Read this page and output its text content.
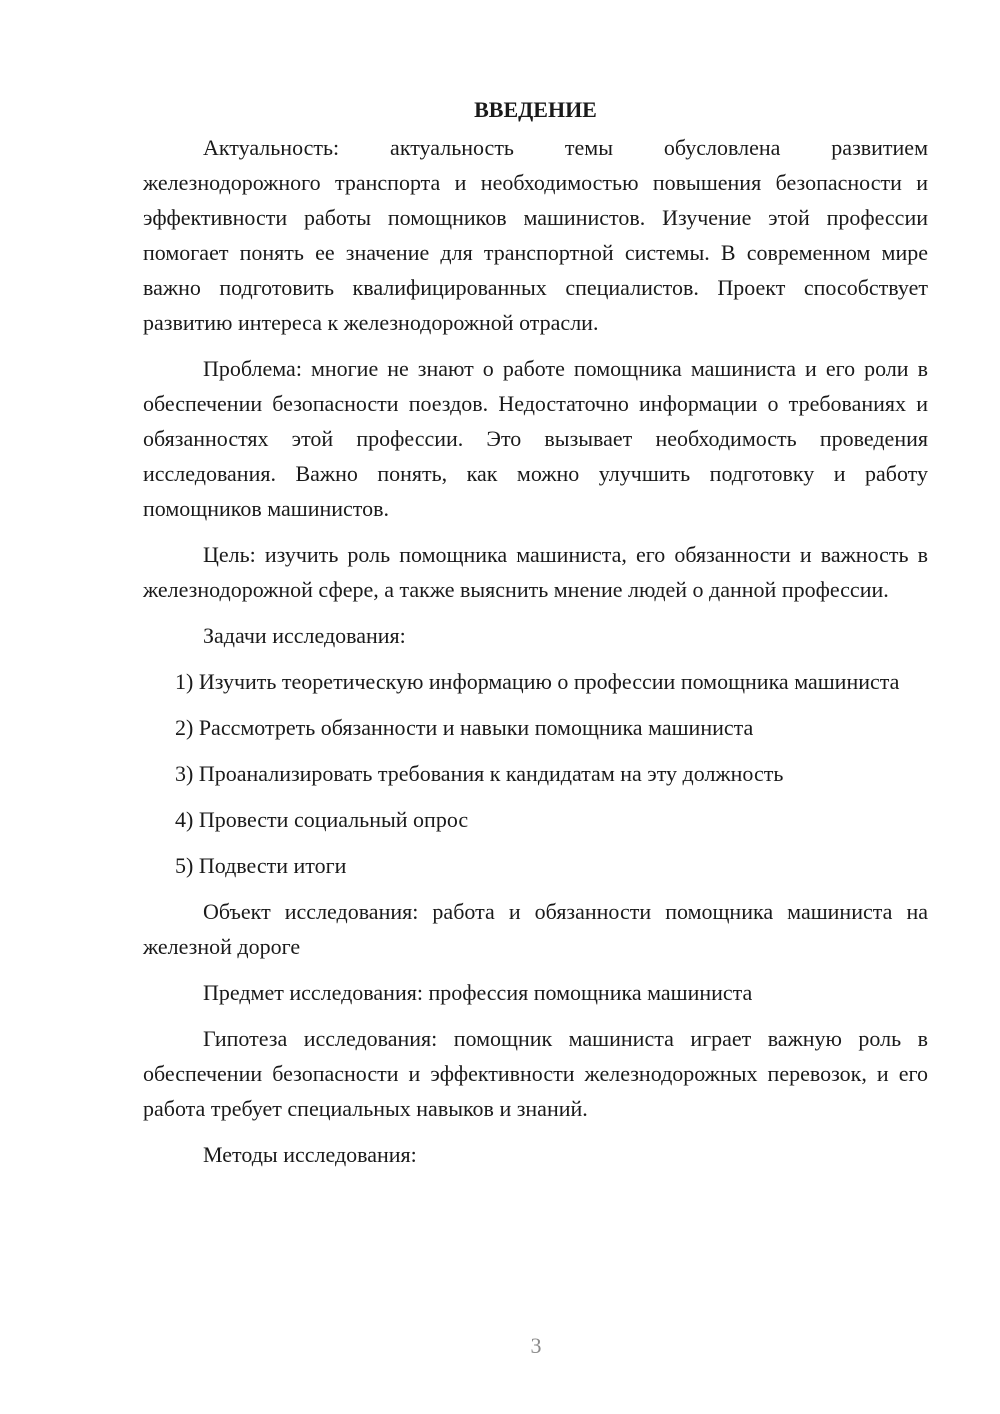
ВВЕДЕНИЕ

Актуальность: актуальность темы обусловлена развитием железнодорожного транспорта и необходимостью повышения безопасности и эффективности работы помощников машинистов. Изучение этой профессии помогает понять ее значение для транспортной системы. В современном мире важно подготовить квалифицированных специалистов. Проект способствует развитию интереса к железнодорожной отрасли.

Проблема: многие не знают о работе помощника машиниста и его роли в обеспечении безопасности поездов. Недостаточно информации о требованиях и обязанностях этой профессии. Это вызывает необходимость проведения исследования. Важно понять, как можно улучшить подготовку и работу помощников машинистов.

Цель: изучить роль помощника машиниста, его обязанности и важность в железнодорожной сфере, а также выяснить мнение людей о данной профессии.

Задачи исследования:

1) Изучить теоретическую информацию о профессии помощника машиниста

2) Рассмотреть обязанности и навыки помощника машиниста

3) Проанализировать требования к кандидатам на эту должность

4) Провести социальный опрос

5) Подвести итоги

Объект исследования: работа и обязанности помощника машиниста на железной дороге

Предмет исследования: профессия помощника машиниста

Гипотеза исследования: помощник машиниста играет важную роль в обеспечении безопасности и эффективности железнодорожных перевозок, и его работа требует специальных навыков и знаний.

Методы исследования:

3
